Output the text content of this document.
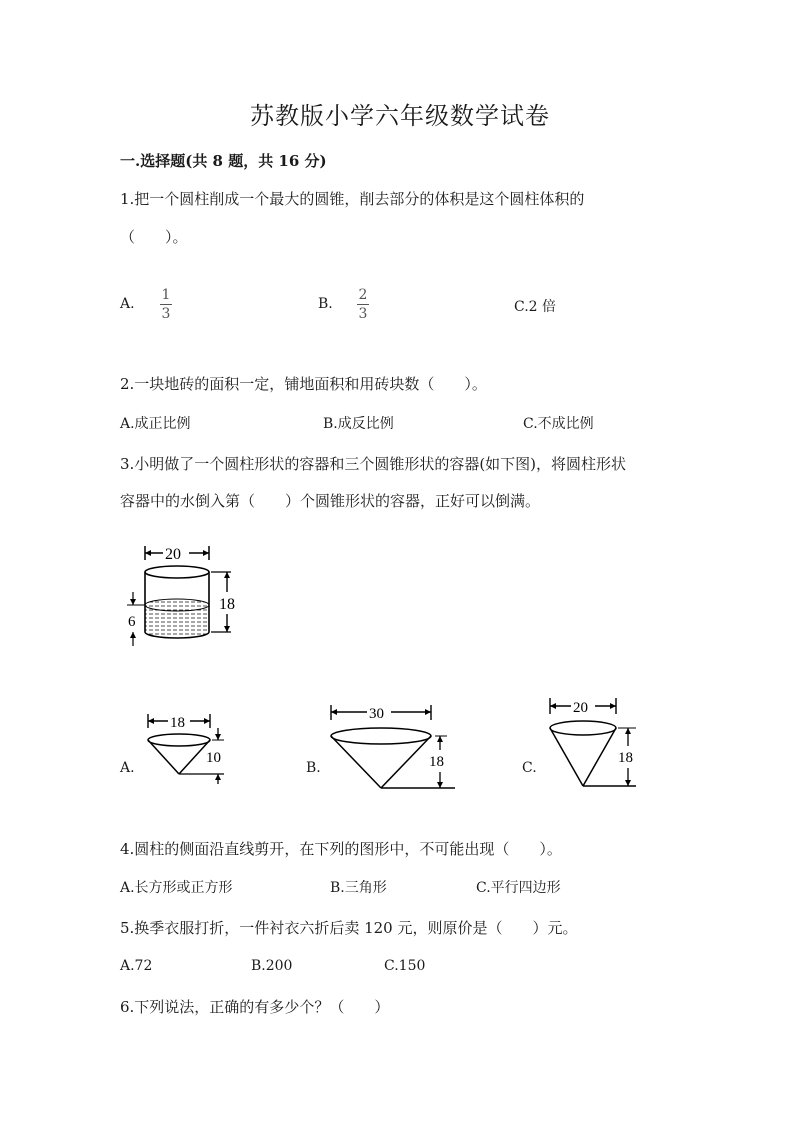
苏教版小学六年级数学试卷
一.选择题(共 8 题，共 16 分)
1.把一个圆柱削成一个最大的圆锥，削去部分的体积是这个圆柱体积的
（　　）。
A.
1
3
B.
2
3	C.2 倍
2.一块地砖的面积一定，铺地面积和用砖块数（　　）。
A.成正比例	B.成反比例	C.不成比例
3.小明做了一个圆柱形状的容器和三个圆锥形状的容器(如下图)，将圆柱形状
容器中的水倒入第（　　）个圆锥形状的容器，正好可以倒满。
20
18
6
A.
18
10
B.
30
18	C.
20
18
4.圆柱的侧面沿直线剪开，在下列的图形中，不可能出现（　　）。
A.长方形或正方形	B.三角形	C.平行四边形
5.换季衣服打折，一件衬衣六折后卖 120 元，则原价是（　　）元。
A.72	B.200	C.150
6.下列说法，正确的有多少个？（　　）
